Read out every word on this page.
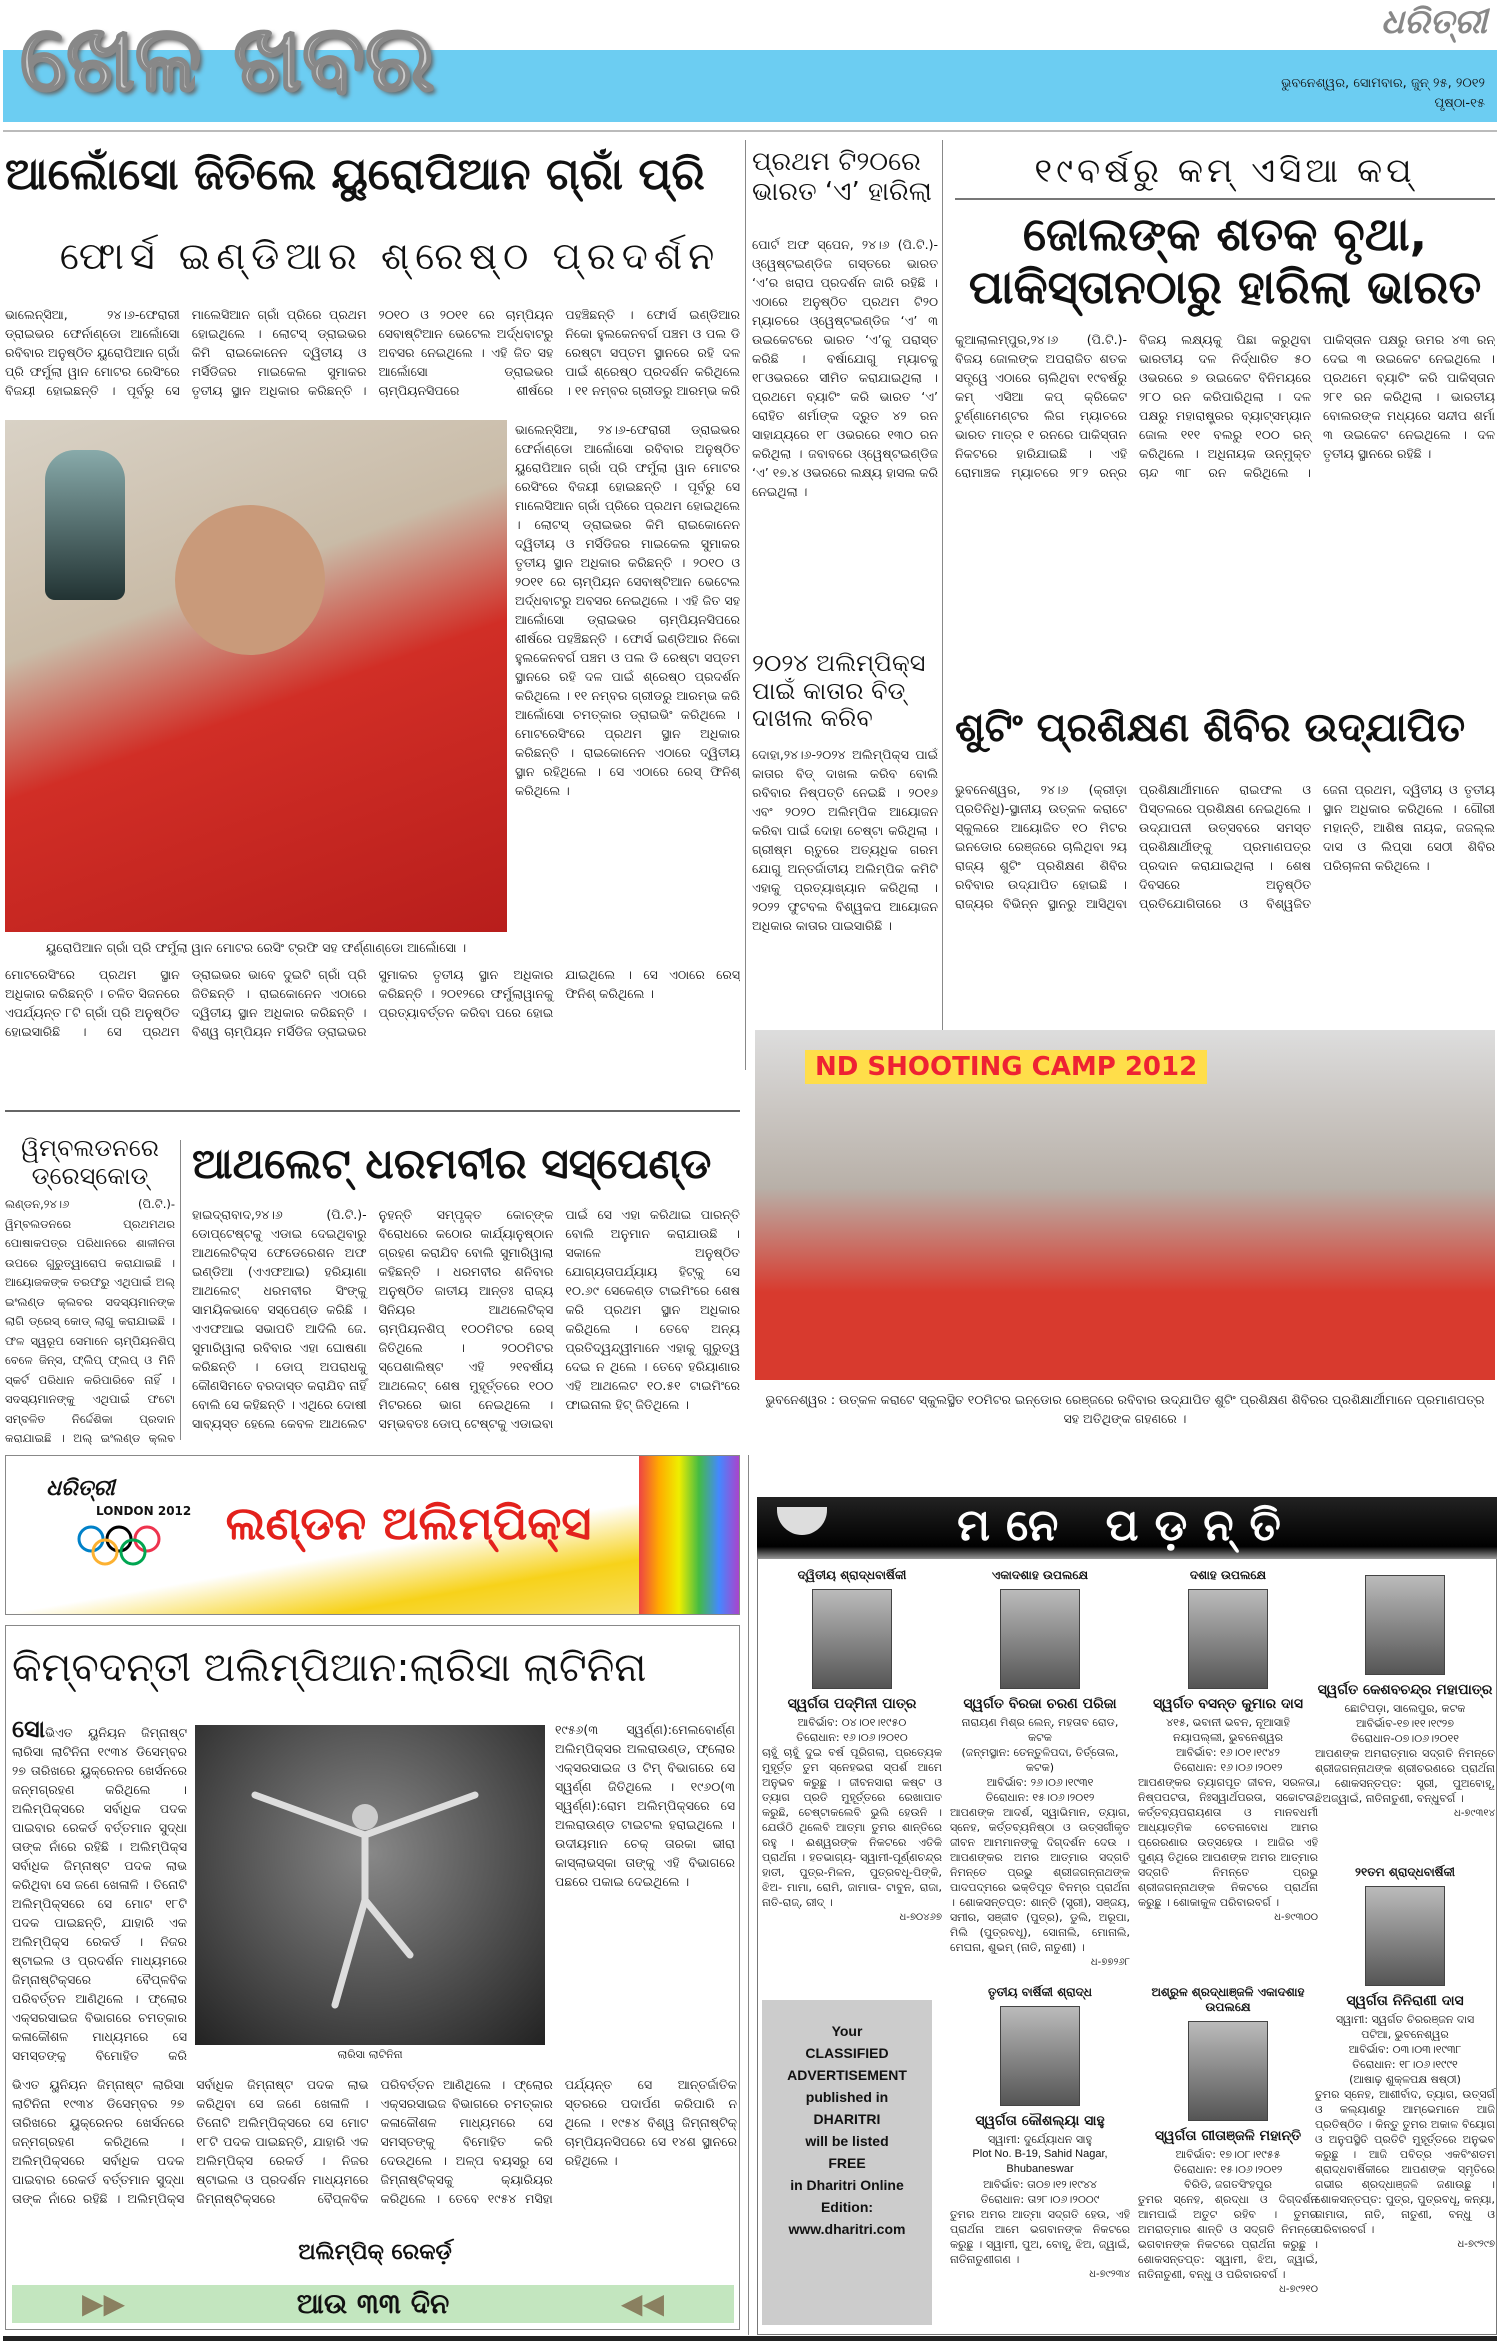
ଖେଳ ଖବର	ଧରିତ୍ରୀ
ଭୁବନେଶ୍ୱର, ସୋମବାର, ଜୁନ୍ ୨୫, ୨୦୧୨
ପୃଷ୍ଠା-୧୫
ଆଲୋଁସୋ ଜିତିଲେ ୟୁରୋପିଆନ ଗ୍ରାଁ ପ୍ରି
ଫୋର୍ସ ଇଣ୍ଡିଆର ଶ୍ରେଷ୍ଠ ପ୍ରଦର୍ଶନ
ଭାଲେନ୍ସିଆ, ୨୪।୬-ଫେରାରୀ ଡ୍ରାଇଭର ଫେର୍ନାଣ୍ଡୋ ଆଲୋଁସୋ ରବିବାର ଅନୁଷ୍ଠିତ ୟୁରୋପିଆନ ଗ୍ରାଁ ପ୍ରି ଫର୍ମୁଲା ୱାନ ମୋଟର ରେସିଂରେ ବିଜୟୀ ହୋଇଛନ୍ତି । ପୂର୍ବରୁ ସେ ମାଲେସିଆନ ଗ୍ରାଁ ପ୍ରିରେ ପ୍ରଥମ ହୋଇଥିଲେ । ଲୋଟସ୍ ଡ୍ରାଇଭର କିମି ରାଇକୋନେନ ଦ୍ୱିତୀୟ ଓ ମର୍ସିଡିଜର ମାଇକେଲ ସୁମାକର ତୃତୀୟ ସ୍ଥାନ ଅଧିକାର କରିଛନ୍ତି । ୨୦୧୦ ଓ ୨୦୧୧ ରେ ଚାମ୍ପିୟନ ସେବାଷ୍ଟିଆନ ଭେଟେଲ ଅର୍ଦ୍ଧବାଟରୁ ଅବସର ନେଇଥିଲେ । ଏହି ଜିତ ସହ ଆଲୋଁସୋ ଡ୍ରାଇଭର ଚାମ୍ପିୟନସିପରେ ଶୀର୍ଷରେ ପହଞ୍ଚିଛନ୍ତି । ଫୋର୍ସ ଇଣ୍ଡିଆର ନିକୋ ହୁଲକେନବର୍ଗ ପଞ୍ଚମ ଓ ପଲ ଡି ରେଷ୍ଟା ସପ୍ତମ ସ୍ଥାନରେ ରହି ଦଳ ପାଇଁ ଶ୍ରେଷ୍ଠ ପ୍ରଦର୍ଶନ କରିଥିଲେ । ୧୧ ନମ୍ବର ଗ୍ରୀଡରୁ ଆରମ୍ଭ କରି
ଭାଲେନ୍ସିଆ, ୨୪।୬-ଫେରାରୀ ଡ୍ରାଇଭର ଫେର୍ନାଣ୍ଡୋ ଆଲୋଁସୋ ରବିବାର ଅନୁଷ୍ଠିତ ୟୁରୋପିଆନ ଗ୍ରାଁ ପ୍ରି ଫର୍ମୁଲା ୱାନ ମୋଟର ରେସିଂରେ ବିଜୟୀ ହୋଇଛନ୍ତି । ପୂର୍ବରୁ ସେ ମାଲେସିଆନ ଗ୍ରାଁ ପ୍ରିରେ ପ୍ରଥମ ହୋଇଥିଲେ । ଲୋଟସ୍ ଡ୍ରାଇଭର କିମି ରାଇକୋନେନ ଦ୍ୱିତୀୟ ଓ ମର୍ସିଡିଜର ମାଇକେଲ ସୁମାକର ତୃତୀୟ ସ୍ଥାନ ଅଧିକାର କରିଛନ୍ତି । ୨୦୧୦ ଓ ୨୦୧୧ ରେ ଚାମ୍ପିୟନ ସେବାଷ୍ଟିଆନ ଭେଟେଲ ଅର୍ଦ୍ଧବାଟରୁ ଅବସର ନେଇଥିଲେ । ଏହି ଜିତ ସହ ଆଲୋଁସୋ ଡ୍ରାଇଭର ଚାମ୍ପିୟନସିପରେ ଶୀର୍ଷରେ ପହଞ୍ଚିଛନ୍ତି । ଫୋର୍ସ ଇଣ୍ଡିଆର ନିକୋ ହୁଲକେନବର୍ଗ ପଞ୍ଚମ ଓ ପଲ ଡି ରେଷ୍ଟା ସପ୍ତମ ସ୍ଥାନରେ ରହି ଦଳ ପାଇଁ ଶ୍ରେଷ୍ଠ ପ୍ରଦର୍ଶନ କରିଥିଲେ । ୧୧ ନମ୍ବର ଗ୍ରୀଡରୁ ଆରମ୍ଭ କରି ଆଲୋଁସୋ ଚମତ୍କାର ଡ୍ରାଇଭିଂ କରିଥିଲେ । ମୋଟରେସିଂରେ ପ୍ରଥମ ସ୍ଥାନ ଅଧିକାର କରିଛନ୍ତି । ରାଇକୋନେନ ଏଠାରେ ଦ୍ୱିତୀୟ ସ୍ଥାନ ରହିଥିଲେ । ସେ ଏଠାରେ ରେସ୍ ଫିନିଶ୍ କରିଥିଲେ ।
ୟୁରୋପିଆନ ଗ୍ରାଁ ପ୍ରି ଫର୍ମୁଲା ୱାନ ମୋଟର ରେସିଂ ଟ୍ରଫି ସହ ଫର୍ଣ୍ଣାଣ୍ଡୋ ଆଲୋଁସୋ ।
ମୋଟରେସିଂରେ ପ୍ରଥମ ସ୍ଥାନ ଅଧିକାର କରିଛନ୍ତି । ଚଳିତ ସିଜନରେ ଏପର୍ଯ୍ୟନ୍ତ ୮ଟି ଗ୍ରାଁ ପ୍ରି ଅନୁଷ୍ଠିତ ହୋଇସାରିଛି । ସେ ପ୍ରଥମ ଡ୍ରାଇଭର ଭାବେ ଦୁଇଟି ଗ୍ରାଁ ପ୍ରି ଜିତିଛନ୍ତି । ରାଇକୋନେନ ଏଠାରେ ଦ୍ୱିତୀୟ ସ୍ଥାନ ଅଧିକାର କରିଛନ୍ତି । ବିଶ୍ୱ ଚାମ୍ପିୟନ ମର୍ସିଡିଜ ଡ୍ରାଇଭର ସୁମାକର ତୃତୀୟ ସ୍ଥାନ ଅଧିକାର କରିଛନ୍ତି । ୨୦୧୨ରେ ଫର୍ମୁଲାୱାନକୁ ପ୍ରତ୍ୟାବର୍ତ୍ତନ କରିବା ପରେ ହୋଇ ଯାଇଥିଲେ । ସେ ଏଠାରେ ରେସ୍ ଫିନିଶ୍ କରିଥିଲେ ।
ପ୍ରଥମ ଟି୨୦ରେ ଭାରତ ‘ଏ’ ହାରିଲା
ପୋର୍ଟ ଅଫ ସ୍ପେନ, ୨୪।୬ (ପି.ଟି.)-ଓ୍ୱେଷ୍ଟଇଣ୍ଡିଜ ଗସ୍ତରେ ଭାରତ ‘ଏ’ର ଖରାପ ପ୍ରଦର୍ଶନ ଜାରି ରହିଛି । ଏଠାରେ ଅନୁଷ୍ଠିତ ପ୍ରଥମ ଟି୨୦ ମ୍ୟାଚରେ ଓ୍ୱେଷ୍ଟଇଣ୍ଡିଜ ‘ଏ’ ୩ ଉଇକେଟରେ ଭାରତ ‘ଏ’କୁ ପରାସ୍ତ କରିଛି । ବର୍ଷାଯୋଗୁ ମ୍ୟାଚକୁ ୧୮ଓଭରରେ ସୀମିତ କରାଯାଇଥିଲା । ପ୍ରଥମେ ବ୍ୟାଟିଂ କରି ଭାରତ ‘ଏ’ ରୋହିତ ଶର୍ମାଙ୍କ ଦ୍ରୁତ ୪୨ ରନ ସାହାଯ୍ୟରେ ୧୮ ଓଭରରେ ୧୩୦ ରନ କରିଥିଲା । ଜବାବରେ ଓ୍ୱେଷ୍ଟଇଣ୍ଡିଜ ‘ଏ’ ୧୭.୪ ଓଭରରେ ଲକ୍ଷ୍ୟ ହାସଲ କରି ନେଇଥିଲା ।
୨୦୨୪ ଅଲିମ୍ପିକ୍ସ ପାଇଁ କାତାର ବିଡ୍ ଦାଖଲ କରିବ
ଦୋହା,୨୪।୬-୨୦୨୪ ଅଲିମ୍ପିକ୍ସ ପାଇଁ କାତାର ବିଡ୍ ଦାଖଲ କରିବ ବୋଲି ରବିବାର ନିଷ୍ପତ୍ତି ନେଇଛି । ୨୦୧୬ ଏବଂ ୨୦୨୦ ଅଲିମ୍ପିକ ଆୟୋଜନ କରିବା ପାଇଁ ଦୋହା ଚେଷ୍ଟା କରିଥିଲା । ଗ୍ରୀଷ୍ମ ଋତୁରେ ଅତ୍ୟଧିକ ଗରମ ଯୋଗୁ ଅନ୍ତର୍ଜାତୀୟ ଅଲିମ୍ପିକ କମିଟି ଏହାକୁ ପ୍ରତ୍ୟାଖ୍ୟାନ କରିଥିଲା । ୨୦୨୨ ଫୁଟବଲ ବିଶ୍ୱକପ ଆୟୋଜନ ଅଧିକାର କାତାର ପାଇସାରିଛି ।
୧୯ବର୍ଷରୁ କମ୍ ଏସିଆ କପ୍
ଜୋଲଙ୍କ ଶତକ ବୃଥା, ପାକିସ୍ତାନଠାରୁ ହାରିଲା ଭାରତ
କୁଆଲାଲମ୍ପୁର,୨୪।୬ (ପି.ଟି.)-ବିଜୟ ଜୋଲଙ୍କ ଅପରାଜିତ ଶତକ ସତ୍ତ୍ୱେ ଏଠାରେ ଚାଲିଥିବା ୧୯ବର୍ଷରୁ କମ୍ ଏସିଆ କପ୍ କ୍ରିକେଟ ଟୁର୍ଣ୍ଣାମେଣ୍ଟର ଲିଗ ମ୍ୟାଚରେ ଭାରତ ମାତ୍ର ୧ ରନରେ ପାକିସ୍ତାନ ନିକଟରେ ହାରିଯାଇଛି । ଏହି ରୋମାଞ୍ଚକ ମ୍ୟାଚରେ ୨୮୨ ରନ୍‌ର ବିଜୟ ଲକ୍ଷ୍ୟକୁ ପିଛା କରୁଥିବା ଭାରତୀୟ ଦଳ ନିର୍ଦ୍ଧାରିତ ୫୦ ଓଭରରେ ୭ ଉଇକେଟ ବିନିମୟରେ ୨୮୦ ରନ କରିପାରିଥିଲା । ଦଳ ପକ୍ଷରୁ ମହାରାଷ୍ଟ୍ରର ବ୍ୟାଟ୍ସମ୍ୟାନ ଜୋଲ ୧୧୧ ବଲରୁ ୧୦୦ ରନ୍ କରିଥିଲେ । ଅଧିନାୟକ ଉନ୍ମୁକ୍ତ ଚାନ୍ଦ ୩୮ ରନ କରିଥିଲେ । ପାକିସ୍ତାନ ପକ୍ଷରୁ ଉମର ୪୩ ରନ୍ ଦେଇ ୩ ଉଇକେଟ ନେଇଥିଲେ । ପ୍ରଥମେ ବ୍ୟାଟିଂ କରି ପାକିସ୍ତାନ ୨୮୧ ରନ କରିଥିଲା । ଭାରତୀୟ ବୋଲରଙ୍କ ମଧ୍ୟରେ ସନ୍ଦୀପ ଶର୍ମା ୩ ଉଇକେଟ ନେଇଥିଲେ । ଦଳ ତୃତୀୟ ସ୍ଥାନରେ ରହିଛି ।
ଶୁଟିଂ ପ୍ରଶିକ୍ଷଣ ଶିବିର ଉଦ୍‌ଯାପିତ
ଭୁବନେଶ୍ୱର, ୨୪।୬ (କ୍ରୀଡ଼ା ପ୍ରତିନିଧି)-ସ୍ଥାନୀୟ ଉତ୍କଳ କରାଟେ ସ୍କୁଲରେ ଆୟୋଜିତ ୧୦ ମିଟର ଇନଡୋର ରେଞ୍ଜରେ ଚାଲିଥିବା ୨ୟ ରାଜ୍ୟ ଶୁଟିଂ ପ୍ରଶିକ୍ଷଣ ଶିବିର ରବିବାର ଉଦ୍‌ଯାପିତ ହୋଇଛି । ରାଜ୍ୟର ବିଭିନ୍ନ ସ୍ଥାନରୁ ଆସିଥିବା ପ୍ରଶିକ୍ଷାର୍ଥୀମାନେ ରାଇଫଲ ଓ ପିସ୍ତଲରେ ପ୍ରଶିକ୍ଷଣ ନେଇଥିଲେ । ଉଦ୍‌ଯାପନୀ ଉତ୍ସବରେ ସମସ୍ତ ପ୍ରଶିକ୍ଷାର୍ଥୀଙ୍କୁ ପ୍ରମାଣପତ୍ର ପ୍ରଦାନ କରାଯାଇଥିଲା । ଶେଷ ଦିବସରେ ଅନୁଷ୍ଠିତ ପ୍ରତିଯୋଗିତାରେ ଓ ବିଶ୍ୱଜିତ ଜେନା ପ୍ରଥମ, ଦ୍ୱିତୀୟ ଓ ତୃତୀୟ ସ୍ଥାନ ଅଧିକାର କରିଥିଲେ । ଗୌରୀ ମହାନ୍ତି, ଆଶିଷ ନାୟକ, ଜଜଲ୍ଲ ଦାସ ଓ ଲିପ୍ସା ସେଠୀ ଶିବିର ପରିଚାଳନା କରିଥିଲେ ।
ND SHOOTING CAMP 2012
ଭୁବନେଶ୍ୱର : ଉତ୍କଳ କରାଟେ ସ୍କୁଲସ୍ଥିତ ୧୦ମିଟର ଇନ୍‌ଡୋର ରେଞ୍ଜରେ ରବିବାର ଉଦ୍‌ଯାପିତ ଶୁଟିଂ ପ୍ରଶିକ୍ଷଣ ଶିବିରର ପ୍ରଶିକ୍ଷାର୍ଥୀମାନେ ପ୍ରମାଣପତ୍ର ସହ ଅତିଥିଙ୍କ ଗହଣରେ ।
ୱିମ୍ବଲଡନରେ ଡ୍ରେସ୍‌କୋଡ୍
ଲଣ୍ଡନ,୨୪।୬ (ପି.ଟି.)-ୱିମ୍ବଲଡନରେ ପ୍ରଥମଥର ପୋଷାକପତ୍ର ପରିଧାନରେ ଶାଳୀନତା ଉପରେ ଗୁରୁତ୍ୱାରୋପ କରାଯାଇଛି । ଆୟୋଜକଙ୍କ ତରଫରୁ ଏଥିପାଇଁ ଅଲ୍ ଇଂଲଣ୍ଡ କ୍ଲବର ସଦସ୍ୟମାନଙ୍କ ଲାଗି ଡ୍ରେସ୍ କୋଡ୍ ଲାଗୁ କରାଯାଇଛି । ଫଳ ସ୍ୱରୂପ ସେମାନେ ଚାମ୍ପିୟନଶିପ୍ ବେଳେ ଜିନ୍ସ, ଫ୍ଲିପ୍ ଫ୍ଲପ୍ ଓ ମିନି ସ୍କର୍ଟ ପରିଧାନ କରିପାରିବେ ନାହିଁ । ସଦସ୍ୟମାନଙ୍କୁ ଏଥିପାଇଁ ଫଟୋ ସମ୍ବଳିତ ନିର୍ଦ୍ଦେଶିକା ପ୍ରଦାନ କରାଯାଇଛି । ଅଲ୍ ଇଂଲଣ୍ଡ କ୍ଲବ
ଆଥଲେଟ୍ ଧରମବୀର ସସ୍‌ପେଣ୍ଡ
ହାଇଦ୍ରାବାଦ,୨୪।୬ (ପି.ଟି.)-ଡୋପ୍‌ଟେଷ୍ଟକୁ ଏଡାଇ ଦେଇଥିବାରୁ ଆଥଲେଟିକ୍ସ ଫେଡେରେଶନ ଅଫ ଇଣ୍ଡିଆ (ଏଏଫଆଇ) ହରିୟାଣା ଆଥଲେଟ୍ ଧରମବୀର ସିଂଙ୍କୁ ସାମୟିକଭାବେ ସସ୍‌ପେଣ୍ଡ କରିଛି । ଏଏଫଆଇ ସଭାପତି ଆଦିଲି ଜେ. ସୁମାରିୱାଲା ରବିବାର ଏହା ଘୋଷଣା କରିଛନ୍ତି । ଡୋପ୍ ଅପରାଧକୁ କୌଣସିମତେ ବରଦାସ୍ତ କରାଯିବ ନାହିଁ ବୋଲି ସେ କହିଛନ୍ତି । ଏଥିରେ ଦୋଷୀ ସାବ୍ୟସ୍ତ ହେଲେ କେବଳ ଆଥଲେଟ ନୁହନ୍ତି ସମ୍ପୃକ୍ତ କୋଚ୍‌ଙ୍କ ବିରୋଧରେ କଠୋର କାର୍ଯ୍ୟାନୁଷ୍ଠାନ ଗ୍ରହଣ କରାଯିବ ବୋଲି ସୁମାରିୱାଲା କହିଛନ୍ତି । ଧରମବୀର ଶନିବାର ଅନୁଷ୍ଠିତ ଜାତୀୟ ଆନ୍ତଃ ରାଜ୍ୟ ସିନିୟର ଆଥଲେଟିକ୍ସ ଚାମ୍ପିୟନଶିପ୍ ୧୦୦ମିଟର ରେସ୍ ଜିତିଥିଲେ । ୨୦୦ମିଟର ସ୍ପେଶାଲିଷ୍ଟ ଏହି ୨୧ବର୍ଷୀୟ ଆଥଲେଟ୍ ଶେଷ ମୁହୂର୍ତ୍ତରେ ୧୦୦ ମିଟରରେ ଭାଗ ନେଇଥିଲେ । ସମ୍ଭବତଃ ଡୋପ୍ ଟେଷ୍ଟକୁ ଏଡାଇବା ପାଇଁ ସେ ଏହା କରିଥାଇ ପାରନ୍ତି ବୋଲି ଅନୁମାନ କରାଯାଉଛି । ସକାଳେ ଅନୁଷ୍ଠିତ ଯୋଗ୍ୟତାପର୍ଯ୍ୟାୟ ହିଟ୍‌କୁ ସେ ୧୦.୬୯ ସେକେଣ୍ଡ ଟାଇମିଂରେ ଶେଷ କରି ପ୍ରଥମ ସ୍ଥାନ ଅଧିକାର କରିଥିଲେ । ତେବେ ଅନ୍ୟ ପ୍ରତିଦ୍ୱନ୍ଦ୍ୱୀମାନେ ଏହାକୁ ଗୁରୁତ୍ୱ ଦେଇ ନ ଥିଲେ । ତେବେ ହରିୟାଣାର ଏହି ଆଥଲେଟ ୧୦.୫୧ ଟାଇମିଂରେ ଫାଇନାଲ ହିଟ୍ ଜିତିଥିଲେ ।
ଧରିତ୍ରୀ
LONDON 2012 ଲଣ୍ଡନ ଅଲିମ୍ପିକ୍ସ
କିମ୍ବଦନ୍ତୀ ଅଲିମ୍ପିଆନ:ଲାରିସା ଲାଟିନିନା
ସୋଭିଏତ ୟୁନିୟନ ଜିମ୍ନାଷ୍ଟ ଲାରିସା ଲାଟିନିନା ୧୯୩୪ ଡିସେମ୍ବର ୨୭ ତାରିଖରେ ୟୁକ୍ରେନର ଖେର୍ସନରେ ଜନ୍ମଗ୍ରହଣ କରିଥିଲେ । ଅଲିମ୍ପିକ୍ସରେ ସର୍ବାଧିକ ପଦକ ପାଇବାର ରେକର୍ଡ ବର୍ତ୍ତମାନ ସୁଦ୍ଧା ତାଙ୍କ ନାଁରେ ରହିଛି । ଅଲିମ୍ପିକ୍ସ ସର୍ବାଧିକ ଜିମ୍ନାଷ୍ଟ ପଦକ ଲାଭ କରିଥିବା ସେ ଜଣେ ଖେଳାଳି । ତିନୋଟି ଅଲିମ୍ପିକ୍ସରେ ସେ ମୋଟ ୧୮ଟି ପଦକ ପାଇଛନ୍ତି, ଯାହାରି ଏକ ଅଲିମ୍ପିକ୍ସ ରେକର୍ଡ । ନିଜର ଷ୍ଟାଇଲ ଓ ପ୍ରଦର୍ଶନ ମାଧ୍ୟମରେ ଜିମ୍ନାଷ୍ଟିକ୍ସରେ ବୈପ୍ଳବିକ ପରିବର୍ତ୍ତନ ଆଣିଥିଲେ । ଫ୍ଲୋର ଏକ୍ସରସାଇଜ ବିଭାଗରେ ଚମତ୍କାର କଳାକୌଶଳ ମାଧ୍ୟମରେ ସେ ସମସ୍ତଙ୍କୁ ବିମୋହିତ କରି	ଲାରିସା ଲାଟିନିନା
୧୯୫୬(୩ ସ୍ୱର୍ଣ୍ଣ):ମେଲବୋର୍ଣ୍ଣ ଅଲିମ୍ପିକ୍ସର ଅଲରାଉଣ୍ଡ, ଫ୍ଲୋର ଏକ୍ସରସାଇଜ ଓ ଟିମ୍ ବିଭାଗରେ ସେ ସ୍ୱର୍ଣ୍ଣ ଜିତିଥିଲେ । ୧୯୬୦(୩ ସ୍ୱର୍ଣ୍ଣ):ରୋମ ଅଲିମ୍ପିକ୍ସରେ ସେ ଅଲରାଉଣ୍ଡ ଟାଇଟଲ ହରାଇଥିଲେ । ଉଦୀୟମାନ ଚେକ୍ ତାରକା ଭୀରା କାସ୍ଲାଭସ୍କା ତାଙ୍କୁ ଏହି ବିଭାଗରେ ପଛରେ ପକାଇ ଦେଇଥିଲେ ।
ଭିଏତ ୟୁନିୟନ ଜିମ୍ନାଷ୍ଟ ଲାରିସା ଲାଟିନିନା ୧୯୩୪ ଡିସେମ୍ବର ୨୭ ତାରିଖରେ ୟୁକ୍ରେନର ଖେର୍ସନରେ ଜନ୍ମଗ୍ରହଣ କରିଥିଲେ । ଅଲିମ୍ପିକ୍ସରେ ସର୍ବାଧିକ ପଦକ ପାଇବାର ରେକର୍ଡ ବର୍ତ୍ତମାନ ସୁଦ୍ଧା ତାଙ୍କ ନାଁରେ ରହିଛି । ଅଲିମ୍ପିକ୍ସ ସର୍ବାଧିକ ଜିମ୍ନାଷ୍ଟ ପଦକ ଲାଭ କରିଥିବା ସେ ଜଣେ ଖେଳାଳି । ତିନୋଟି ଅଲିମ୍ପିକ୍ସରେ ସେ ମୋଟ ୧୮ଟି ପଦକ ପାଇଛନ୍ତି, ଯାହାରି ଏକ ଅଲିମ୍ପିକ୍ସ ରେକର୍ଡ । ନିଜର ଷ୍ଟାଇଲ ଓ ପ୍ରଦର୍ଶନ ମାଧ୍ୟମରେ ଜିମ୍ନାଷ୍ଟିକ୍ସରେ ବୈପ୍ଳବିକ ପରିବର୍ତ୍ତନ ଆଣିଥିଲେ । ଫ୍ଲୋର ଏକ୍ସରସାଇଜ ବିଭାଗରେ ଚମତ୍କାର କଳାକୌଶଳ ମାଧ୍ୟମରେ ସେ ସମସ୍ତଙ୍କୁ ବିମୋହିତ କରି ଦେଉଥିଲେ । ଅଳ୍ପ ବୟସରୁ ସେ ଜିମ୍ନାଷ୍ଟିକ୍ସକୁ କ୍ୟାରିୟର କରିଥିଲେ । ତେବେ ୧୯୫୪ ମସିହା ପର୍ଯ୍ୟନ୍ତ ସେ ଆନ୍ତର୍ଜାତିକ ସ୍ତରରେ ପଦାର୍ପଣ କରିପାରି ନ ଥିଲେ । ୧୯୫୪ ବିଶ୍ୱ ଜିମ୍ନାଷ୍ଟିକ୍ ଚାମ୍ପିୟନସିପରେ ସେ ୧୪ଶ ସ୍ଥାନରେ ରହିଥିଲେ ।
ଅଲିମ୍ପିକ୍ ରେକର୍ଡ଼
▶▶	ଆଉ ୩୩ ଦିନ	◀◀
ମନେ ପଡ଼ନ୍ତି
ଦ୍ୱିତୀୟ ଶ୍ରାଦ୍ଧବାର୍ଷିକୀ
ସ୍ୱର୍ଗତା ପଦ୍ମିନୀ ପାତ୍ର
ଆବିର୍ଭାବ: ୦୪।୦୧।୧୯୫୦
ତିରୋଧାନ: ୧୬।୦୬।୨୦୧୦
ଚାହୁଁ ଚାହୁଁ ଦୁଇ ବର୍ଷ ପୂରିଗଲା, ପ୍ରତ୍ୟେକ ମୁହୂର୍ତ୍ତ ତୁମ ସ୍ନେହଭରା ସ୍ପର୍ଶ ଆମେ ଅନୁଭବ କରୁଛୁ । ଜୀବନସାରା କଷ୍ଟ ଓ ତ୍ୟାଗ ପ୍ରତି ମୁହୂର୍ତ୍ତରେ ରେଖାପାତ କରୁଛି, ଚେଷ୍ଟାକଲେବି ଭୁଲି ହେଉନି । ଯେଉଁଠି ଥିଲେବି ଆତ୍ମା ତୁମର ଶାନ୍ତିରେ ରହୁ । ଈଶ୍ୱରଙ୍କ ନିକଟରେ ଏତିକି ପ୍ରାର୍ଥନା । ହତଭାଗ୍ୟ- ସ୍ୱାମୀ-ପୂର୍ଣ୍ଣଚନ୍ଦ୍ର ହାତୀ, ପୁତ୍ର-ମିଳନ, ପୁତ୍ରବଧୂ-ପିଙ୍କି, ଝିଅ- ମାମା, ରୋମି, ଜାମାତା- ଟାବୁନ, ରାଜା, ନାତି-ରାଜ୍, ରୀଦ୍ ।
ଧ-୭୦୪୬୭
ଏକାଦଶାହ ଉପଲକ୍ଷେ
ସ୍ୱର୍ଗତ ବିରଜା ଚରଣ ପରିଜା
ନାରାୟଣ ମିଶ୍ର ଲେନ୍, ମହତାବ ରୋଡ, କଟକ
(ଜନ୍ମସ୍ଥାନ: ତେନ୍ତୁଳିପଦା, ତିର୍ତ୍ତୋଲ, କଟକ)
ଆବିର୍ଭାବ: ୨୬।୦୬।୧୯୩୧
ତିରୋଧାନ: ୧୫।୦୬।୨୦୧୨
ଆପଣଙ୍କ ଆଦର୍ଶ, ସ୍ୱାଭିମାନ, ତ୍ୟାଗ, ସ୍ନେହ, କର୍ତ୍ତବ୍ୟନିଷ୍ଠା ଓ ଉତ୍ସର୍ଗୀକୃତ ଜୀବନ ଆମମାନଙ୍କୁ ଦିଗ୍‌ଦର୍ଶନ ଦେଉ । ଆପଣଙ୍କର ଅମର ଆତ୍ମାର ସଦ୍‌ଗତି ନିମନ୍ତେ ପ୍ରଭୁ ଶ୍ରୀଜଗନ୍ନାଥଙ୍କ ପାଦପଦ୍ମରେ ଭକ୍ତିପୂତ ବିନମ୍ର ପ୍ରାର୍ଥନା । ଶୋକସନ୍ତପ୍ତ: ଶାନ୍ତି (ସ୍ତ୍ରୀ), ସଞ୍ଜୟ, ସମୀର, ସଞ୍ଜୀବ (ପୁତ୍ର), ଡୁଲି, ଅରୂପା, ମିଲି (ପୁତ୍ରବଧୂ), ସୋନାଲି, ମୋନାଲି, ମେଘନା, ଶୁଭମ୍ (ନାତି, ନାତୁଣୀ) ।
ଧ-୭୭୨୬୮
ଦଶାହ ଉପଲକ୍ଷେ
ସ୍ୱର୍ଗତ ବସନ୍ତ କୁମାର ଦାସ
୪୧୫, ଭବାନୀ ଭବନ, ନୂଆସାହି
ନୟାପଲ୍ଲୀ, ଭୁବନେଶ୍ୱର
ଆବିର୍ଭାବ: ୧୬।୦୧।୧୯୪୨
ତିରୋଧାନ: ୧୬।୦୬।୨୦୧୨
ଆପଣଙ୍କର ତ୍ୟାଗପୂତ ଜୀବନ, ସରଳତା, ନିଷ୍ପପଟତା, ନିଃସ୍ୱାର୍ଥପରତା, ସଚ୍ଚୋଟତା, କର୍ତ୍ତବ୍ୟପରାୟଣତା ଓ ମାନବଧର୍ମୀ ଆଧ୍ୟାତ୍ମିକ ଚେତନାବୋଧ ଆମର ପ୍ରେରଣାର ଉତ୍ସହେଉ । ଆଜିର ଏହି ପୁଣ୍ୟ ତିଥିରେ ଆପଣଙ୍କ ଅମର ଆତ୍ମାର ସଦ୍‌ଗତି ନିମନ୍ତେ ପ୍ରଭୁ ଶ୍ରୀଜଗନ୍ନାଥଙ୍କ ନିକଟରେ ପ୍ରାର୍ଥନା କରୁଛୁ । ଶୋକାକୁଳ ପରିବାରବର୍ଗ ।
ଧ-୭୯୩୦୦
ସ୍ୱର୍ଗତ କେଶବଚନ୍ଦ୍ର ମହାପାତ୍ର
ଛୋଟିପଡ଼ା, ସାଲେପୁର, କଟକ
ଆବିର୍ଭାବ-୧୭।୧୧।୧୯୨୭
ତିରୋଧାନ-୦୭।୦୬।୨୦୧୧
ଆପଣଙ୍କ ଅମରାତ୍ମାର ସଦ୍‌ଗତି ନିମନ୍ତେ ଶ୍ରୀଜଗନ୍ନାଥଙ୍କ ଶ୍ରୀଚରଣରେ ପ୍ରାର୍ଥନା । ଶୋକସନ୍ତପ୍ତ: ସ୍ତ୍ରୀ, ପୁଅବୋହୂ, ଝିଅଜ୍ୱାଇଁ, ନାତିନାତୁଣୀ, ବନ୍ଧୁବର୍ଗ ।
ଧ-୭୯୩୧୪
Your
CLASSIFIED
ADVERTISEMENT
published in
DHARITRI
will be listed
FREE
in Dharitri Online
Edition:
www.dharitri.com
ତୃତୀୟ ବାର୍ଷିକୀ ଶ୍ରାଦ୍ଧ
ସ୍ୱର୍ଗତା କୌଶଲ୍ୟା ସାହୁ
ସ୍ୱାମୀ: ଦୁର୍ଯ୍ୟୋଧନ ସାହୁ
Plot No. B-19, Sahid Nagar,
Bhubaneswar
ଆବିର୍ଭାବ: ତା୦୭।୧୨।୧୯୪୪
ତିରୋଧାନ: ତା୨୮।୦୬।୨୦୦୯
ତୁମର ଅମର ଆତ୍ମା ସଦ୍‌ଗତି ହେଉ, ଏହି ପ୍ରାର୍ଥନା ଆମେ ଭଗବାନଙ୍କ ନିକଟରେ କରୁଛୁ । ସ୍ୱାମୀ, ପୁଅ, ବୋହୂ, ଝିଅ, ଜ୍ୱାଇଁ, ନାତିନାତୁଣୀଗଣ ।
ଧ-୭୯୨୩୪
ଅଶ୍ରୁଳ ଶ୍ରଦ୍ଧାଞ୍ଜଳି ଏକାଦଶାହ ଉପଲକ୍ଷେ
ସ୍ୱର୍ଗତା ଗୀତାଞ୍ଜଳି ମହାନ୍ତି
ଆବିର୍ଭାବ: ୧୭।୦୮।୧୯୫୫
ତିରୋଧାନ: ୧୫।୦୬।୨୦୧୨
ବିରିଡି, ଜଗତସିଂହପୁର
ତୁମର ସ୍ନେହ, ଶ୍ରଦ୍ଧା ଓ ଦିଗ୍‌ଦର୍ଶନ ଆମପାଇଁ ଅତୁଟ ରହିବ । ତୁମର ଅମରାତ୍ମାର ଶାନ୍ତି ଓ ସଦ୍‌ଗତି ନିମନ୍ତେ ଭଗବାନଙ୍କ ନିକଟରେ ପ୍ରାର୍ଥନା କରୁଛୁ । ଶୋକସନ୍ତପ୍ତ: ସ୍ୱାମୀ, ଝିଅ, ଜ୍ୱାଇଁ, ନାତିନାତୁଣୀ, ବନ୍ଧୁ ଓ ପରିବାରବର୍ଗ ।
ଧ-୭୯୨୧୦
୨୧ତମ ଶ୍ରାଦ୍ଧବାର୍ଷିକୀ
ସ୍ୱର୍ଗତା ନିନିରାଣୀ ଦାସ
ସ୍ୱାମୀ: ସ୍ୱର୍ଗତ ଚିରରଞ୍ଜନ ଦାସ
ପଟିଆ, ଭୁବନେଶ୍ୱର
ଆବିର୍ଭାବ: ୦୩।୦୩।୧୯୩୮
ତିରୋଧାନ: ୧୮।୦୬।୧୯୯୧
(ଆଷାଢ଼ ଶୁକ୍ଳପକ୍ଷ ଷଷ୍ଠୀ)
ତୁମର ସ୍ନେହ, ଆଶୀର୍ବାଦ, ତ୍ୟାଗ, ଉତ୍ସର୍ଗ ଓ କଲ୍ୟାଣରୁ ଆମ୍ଭେମାନେ ଆଜି ପ୍ରତିଷ୍ଠିତ । କିନ୍ତୁ ତୁମର ଅକାଳ ବିୟୋଗ ଓ ଅନୁପସ୍ଥିତି ପ୍ରତିଟି ମୁହୂର୍ତ୍ତରେ ଅନୁଭବ କରୁଛୁ । ଆଜି ପବିତ୍ର ଏକବିଂଶତମ ଶ୍ରାଦ୍ଧବାର୍ଷିକୀରେ ଆପଣଙ୍କ ସ୍ମୃତିରେ ଗଭୀର ଶ୍ରଦ୍ଧାଞ୍ଜଳି ଜଣାଉଛୁ । ଶୋକସନ୍ତପ୍ତ: ପୁତ୍ର, ପୁତ୍ରବଧୂ, କନ୍ୟା, ଜାମାତା, ନାତି, ନାତୁଣୀ, ବନ୍ଧୁ ଓ ପରିବାରବର୍ଗ ।
ଧ-୭୯୨୯୭
